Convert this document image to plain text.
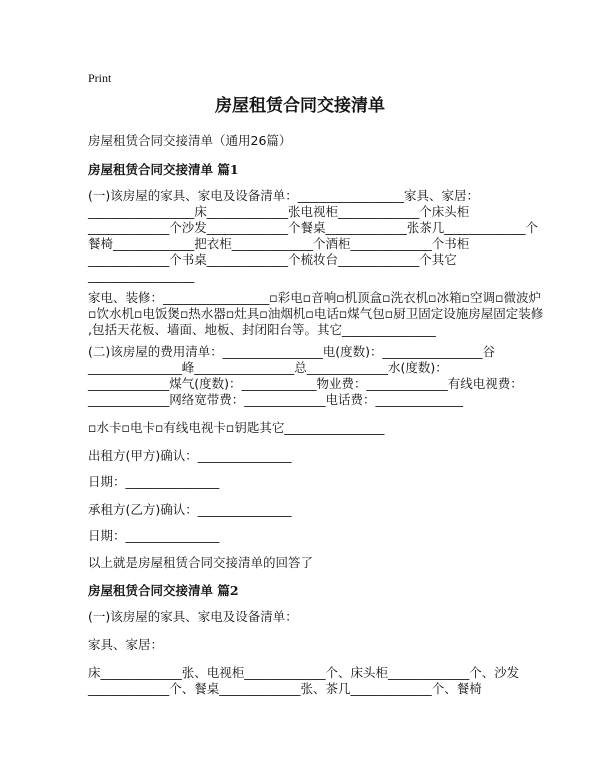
Print
房屋租赁合同交接清单
房屋租赁合同交接清单（通用26篇）
房屋租赁合同交接清单 篇1
(一)该房屋的家具、家电及设备清单：_________________家具、家居：
_________________床_____________张电视柜_____________个床头柜
_____________个沙发_____________个餐桌_____________张茶几_____________个
餐椅_____________把衣柜_____________个酒柜_____________个书柜
_____________个书桌_____________个梳妆台_____________个其它
_________________
家电、装修：_________________▫彩电▫音响▫机顶盒▫洗衣机▫冰箱▫空调▫微波炉
▫饮水机▫电饭煲▫热水器▫灶具▫油烟机▫电话▫煤气包▫厨卫固定设施房屋固定装修
,包括天花板、墙面、地板、封闭阳台等。其它_______________
(二)该房屋的费用清单：________________电(度数)：________________谷
_______________峰________________总_____________水(度数)：
_____________煤气(度数)：____________物业费：_____________有线电视费：
_____________网络宽带费：_____________电话费：______________
▫水卡▫电卡▫有线电视卡▫钥匙其它________________
出租方(甲方)确认：_______________
日期：_______________
承租方(乙方)确认：_______________
日期：_______________
以上就是房屋租赁合同交接清单的回答了
房屋租赁合同交接清单 篇2
(一)该房屋的家具、家电及设备清单：
家具、家居：
床_____________张、电视柜_____________个、床头柜_____________个、沙发
_____________个、餐桌_____________张、茶几_____________个、餐椅
